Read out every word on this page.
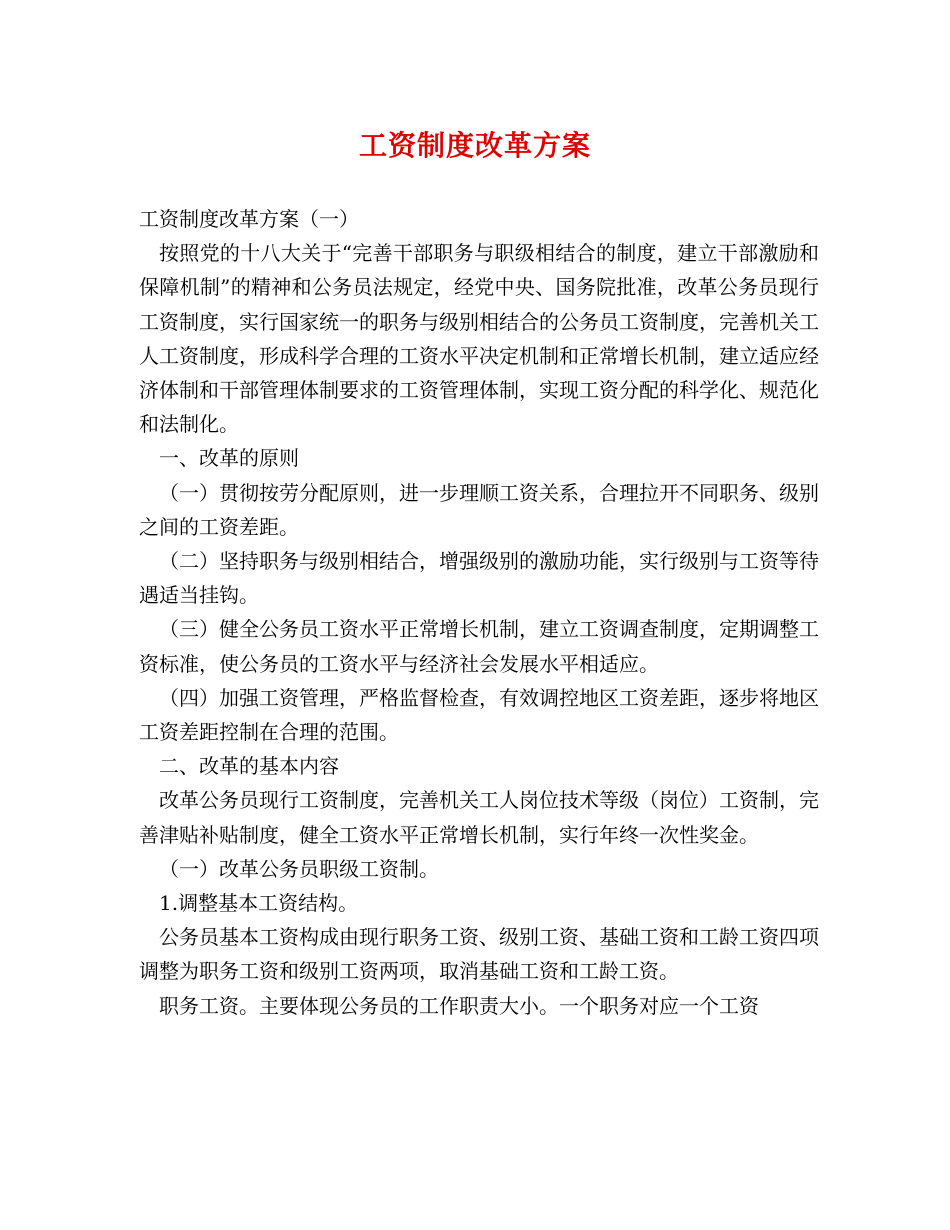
工资制度改革方案

工资制度改革方案（一）

按照党的十八大关于“完善干部职务与职级相结合的制度，建立干部激励和保障机制”的精神和公务员法规定，经党中央、国务院批准，改革公务员现行工资制度，实行国家统一的职务与级别相结合的公务员工资制度，完善机关工人工资制度，形成科学合理的工资水平决定机制和正常增长机制，建立适应经济体制和干部管理体制要求的工资管理体制，实现工资分配的科学化、规范化和法制化。

一、改革的原则

（一）贯彻按劳分配原则，进一步理顺工资关系，合理拉开不同职务、级别之间的工资差距。

（二）坚持职务与级别相结合，增强级别的激励功能，实行级别与工资等待遇适当挂钩。

（三）健全公务员工资水平正常增长机制，建立工资调查制度，定期调整工资标准，使公务员的工资水平与经济社会发展水平相适应。

（四）加强工资管理，严格监督检查，有效调控地区工资差距，逐步将地区工资差距控制在合理的范围。

二、改革的基本内容

改革公务员现行工资制度，完善机关工人岗位技术等级（岗位）工资制，完善津贴补贴制度，健全工资水平正常增长机制，实行年终一次性奖金。

（一）改革公务员职级工资制。

1.调整基本工资结构。

公务员基本工资构成由现行职务工资、级别工资、基础工资和工龄工资四项调整为职务工资和级别工资两项，取消基础工资和工龄工资。

职务工资。主要体现公务员的工作职责大小。一个职务对应一个工资
